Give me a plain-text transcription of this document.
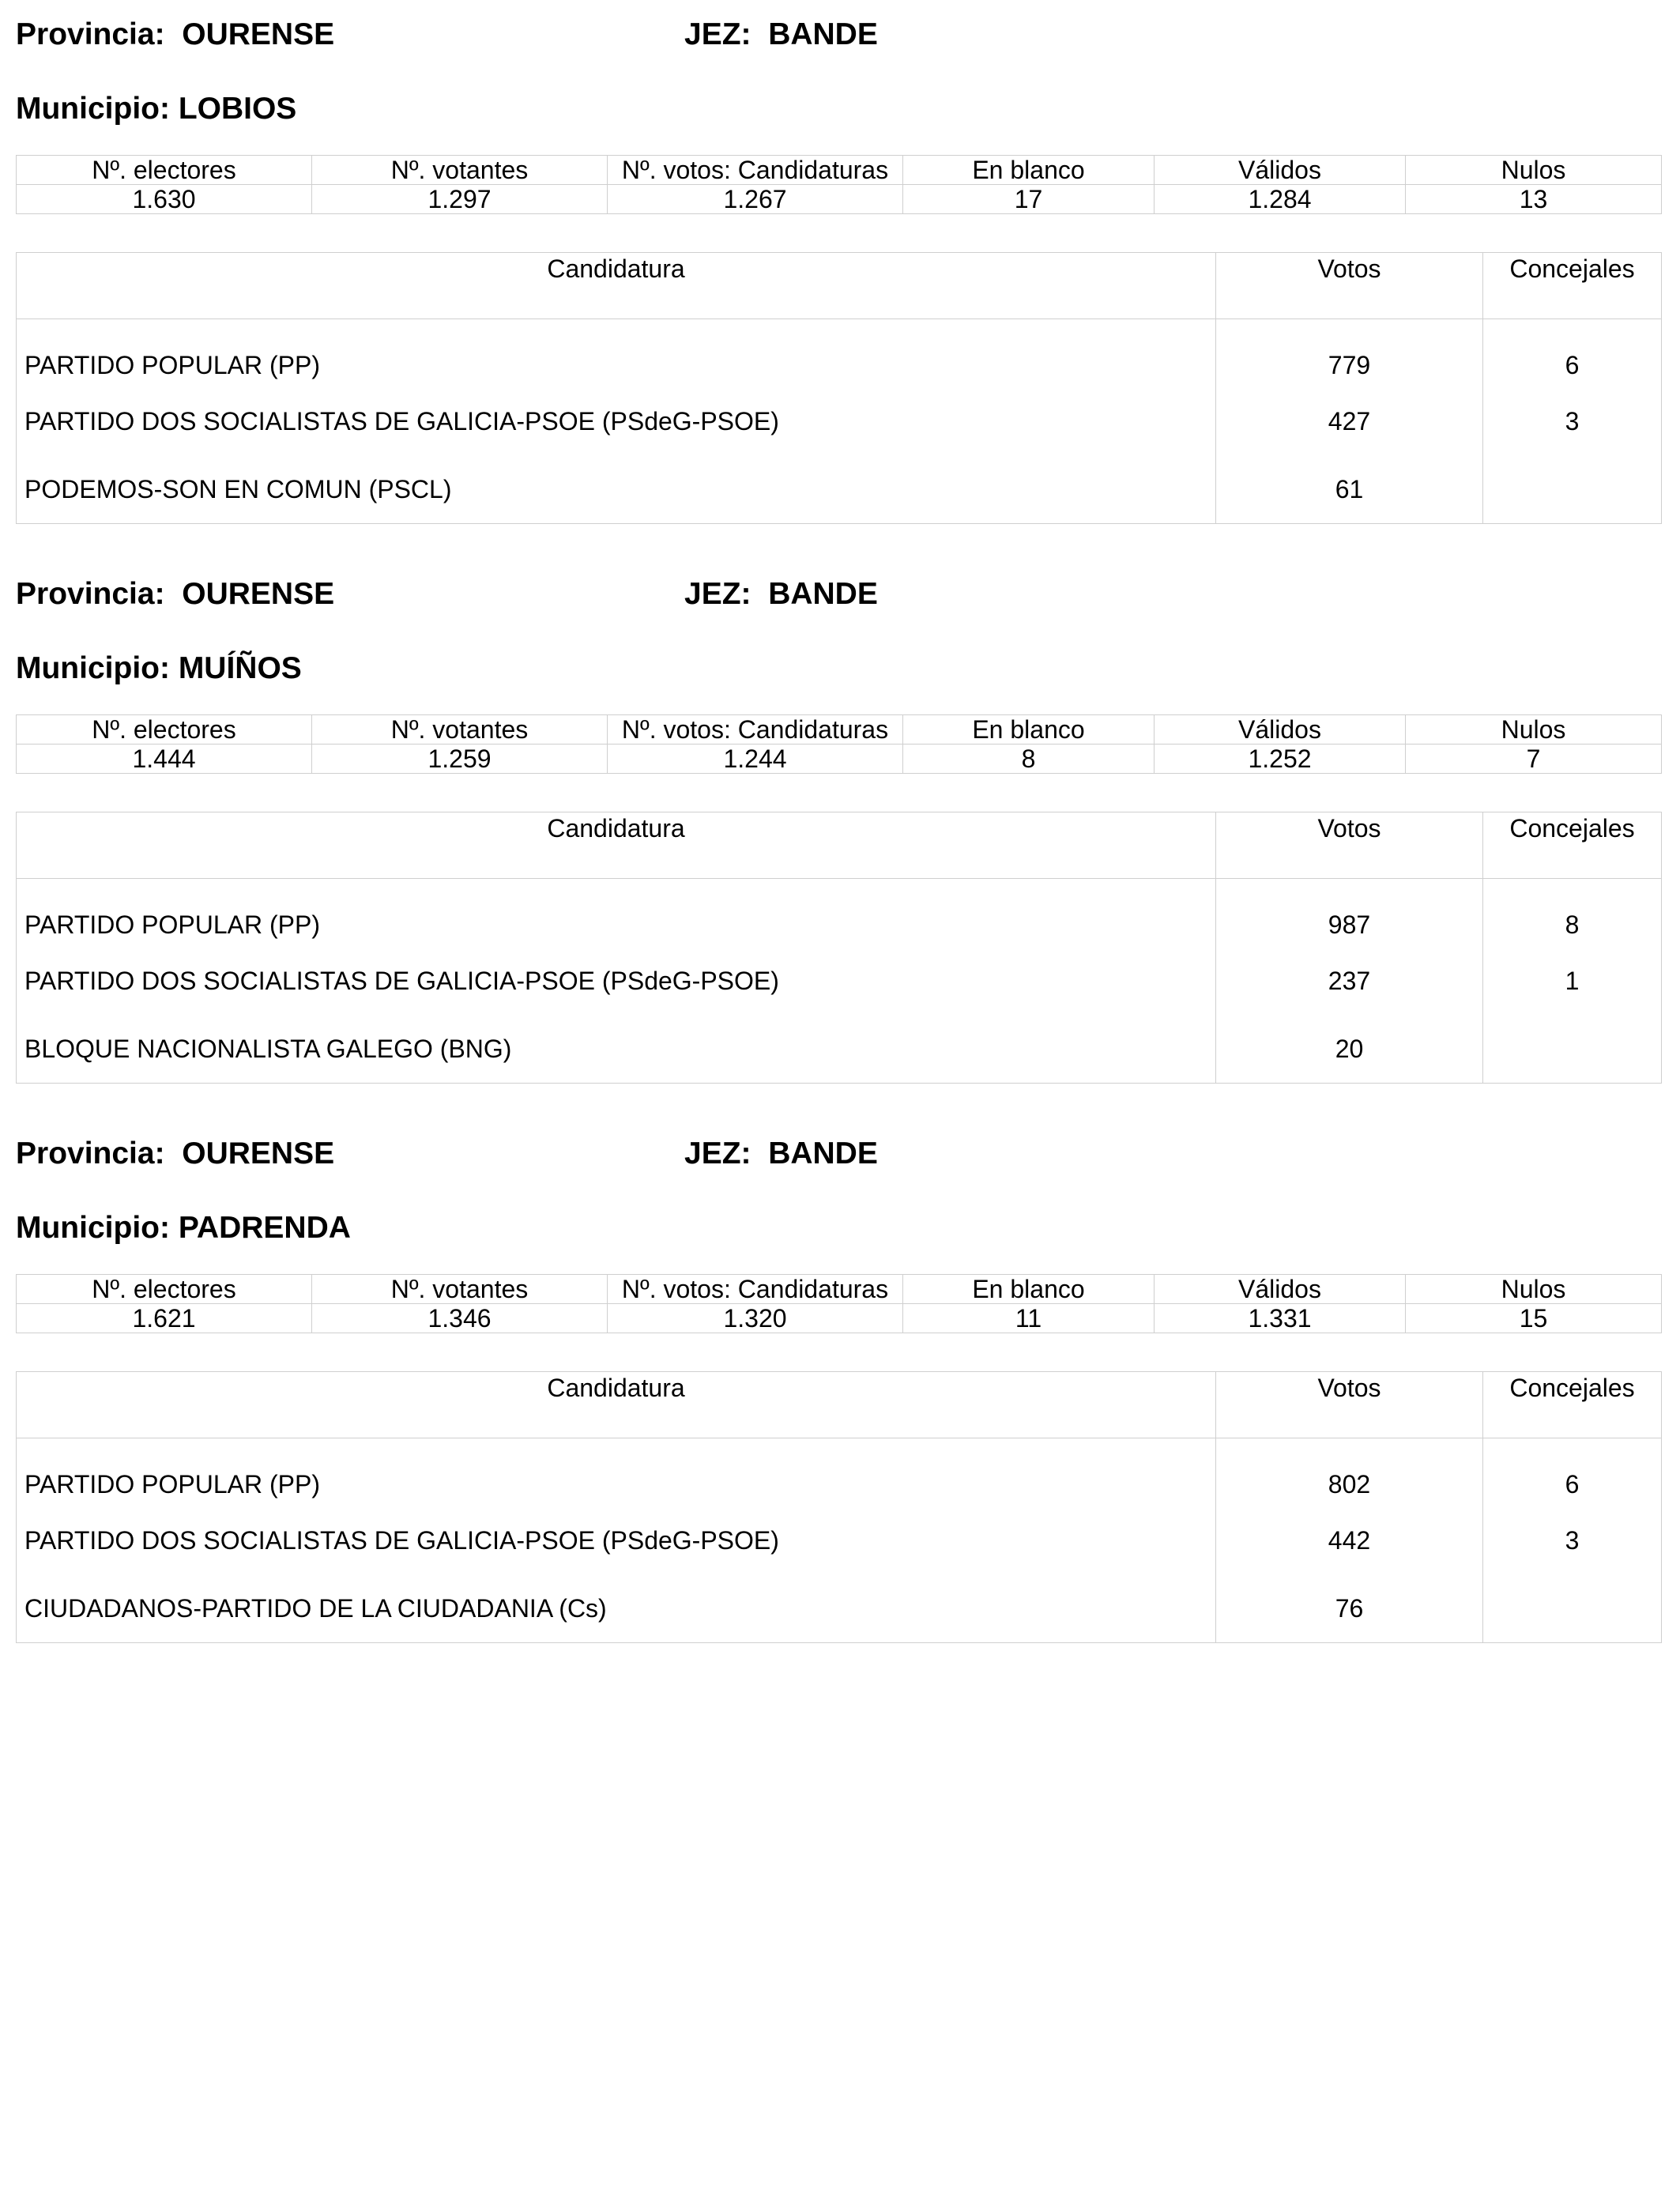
Provincia:  OURENSE	JEZ:  BANDE
Municipio: LOBIOS
Nº. electores	Nº. votantes	Nº. votos: Candidaturas	En blanco	Válidos	Nulos
1.630	1.297	1.267	17	1.284	13
Candidatura	Votos	Concejales
PARTIDO POPULAR (PP)	779	6
PARTIDO DOS SOCIALISTAS DE GALICIA-PSOE (PSdeG-PSOE)	427	3
PODEMOS-SON EN COMUN (PSCL)	61	
Provincia:  OURENSE	JEZ:  BANDE
Municipio: MUÍÑOS
Nº. electores	Nº. votantes	Nº. votos: Candidaturas	En blanco	Válidos	Nulos
1.444	1.259	1.244	8	1.252	7
Candidatura	Votos	Concejales
PARTIDO POPULAR (PP)	987	8
PARTIDO DOS SOCIALISTAS DE GALICIA-PSOE (PSdeG-PSOE)	237	1
BLOQUE NACIONALISTA GALEGO (BNG)	20	
Provincia:  OURENSE	JEZ:  BANDE
Municipio: PADRENDA
Nº. electores	Nº. votantes	Nº. votos: Candidaturas	En blanco	Válidos	Nulos
1.621	1.346	1.320	11	1.331	15
Candidatura	Votos	Concejales
PARTIDO POPULAR (PP)	802	6
PARTIDO DOS SOCIALISTAS DE GALICIA-PSOE (PSdeG-PSOE)	442	3
CIUDADANOS-PARTIDO DE LA CIUDADANIA (Cs)	76	
